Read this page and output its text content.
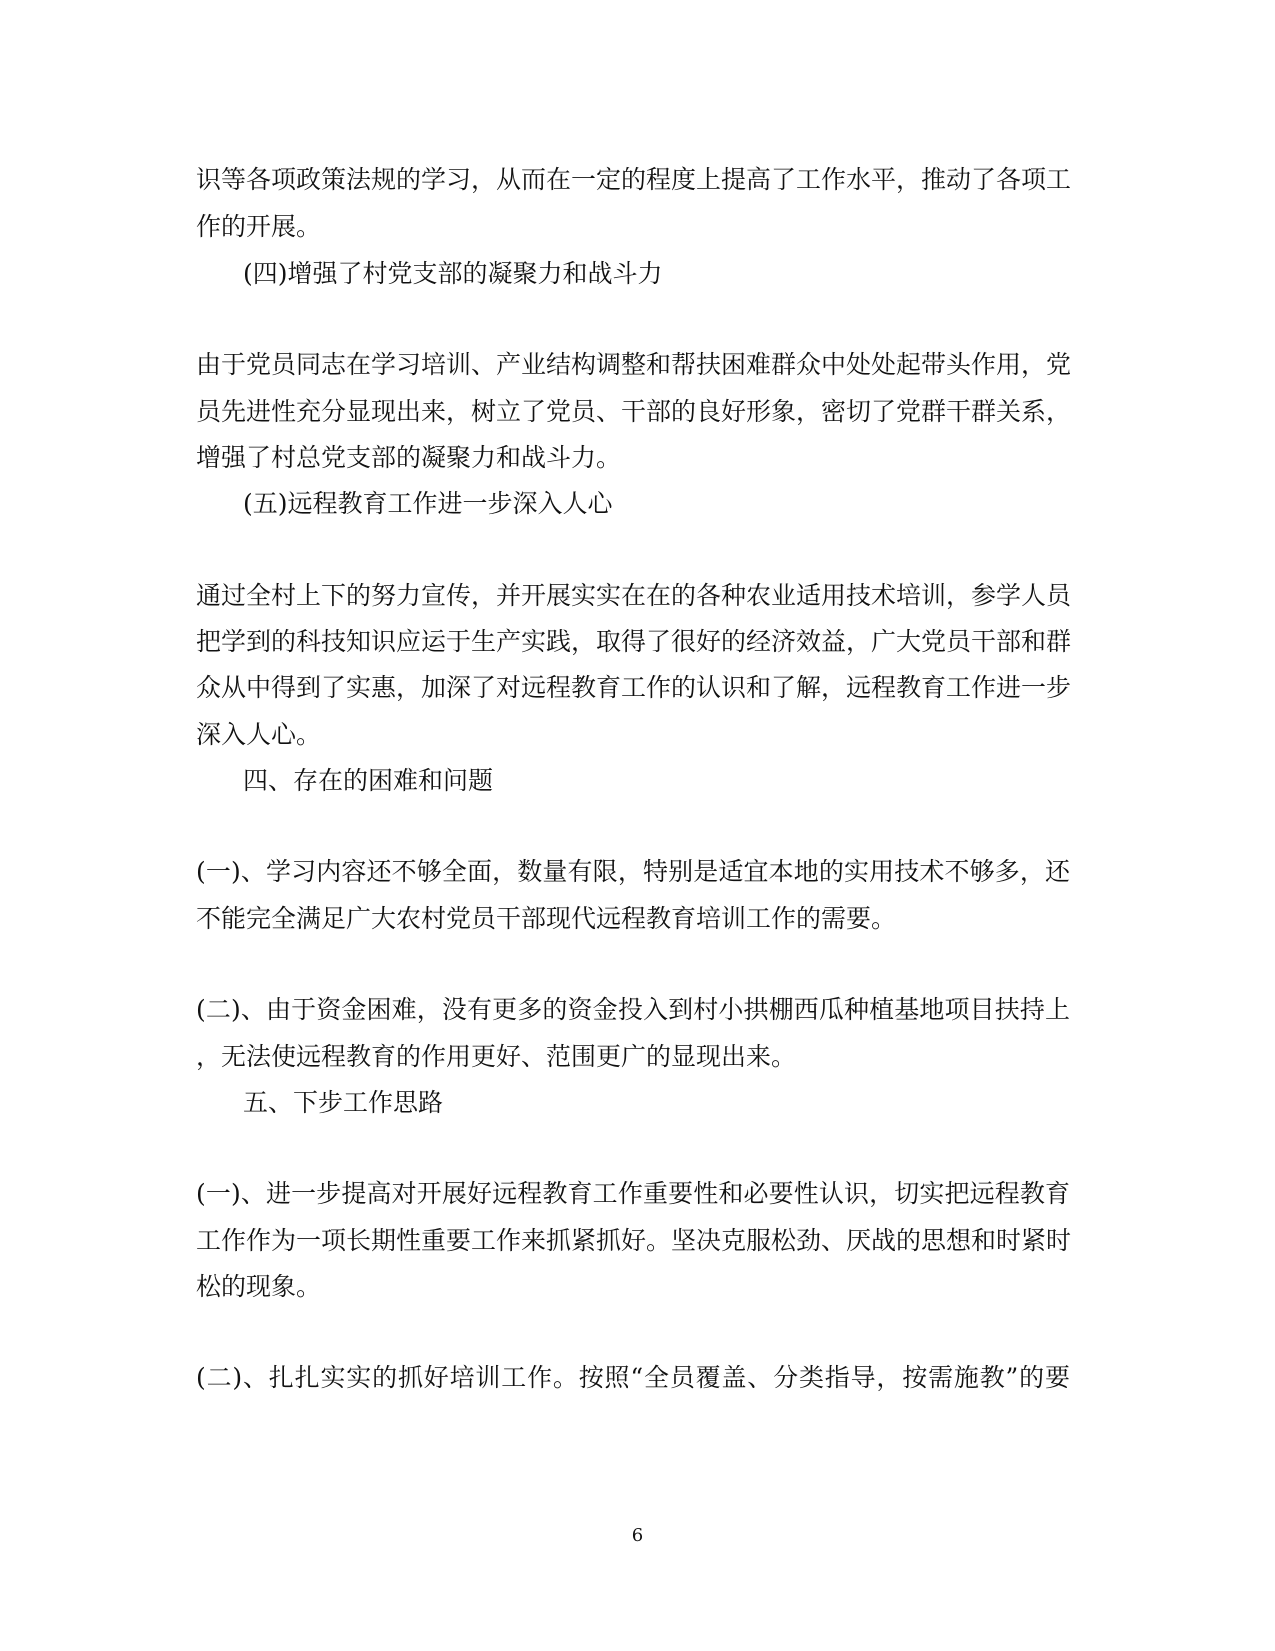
识等各项政策法规的学习，从而在一定的程度上提高了工作水平，推动了各项工
作的开展。
(四)增强了村党支部的凝聚力和战斗力
由于党员同志在学习培训、产业结构调整和帮扶困难群众中处处起带头作用，党
员先进性充分显现出来，树立了党员、干部的良好形象，密切了党群干群关系，
增强了村总党支部的凝聚力和战斗力。
(五)远程教育工作进一步深入人心
通过全村上下的努力宣传，并开展实实在在的各种农业适用技术培训，参学人员
把学到的科技知识应运于生产实践，取得了很好的经济效益，广大党员干部和群
众从中得到了实惠，加深了对远程教育工作的认识和了解，远程教育工作进一步
深入人心。
四、存在的困难和问题
(一)、学习内容还不够全面，数量有限，特别是适宜本地的实用技术不够多，还
不能完全满足广大农村党员干部现代远程教育培训工作的需要。
(二)、由于资金困难，没有更多的资金投入到村小拱棚西瓜种植基地项目扶持上
，无法使远程教育的作用更好、范围更广的显现出来。
五、下步工作思路
(一)、进一步提高对开展好远程教育工作重要性和必要性认识，切实把远程教育
工作作为一项长期性重要工作来抓紧抓好。坚决克服松劲、厌战的思想和时紧时
松的现象。
(二)、扎扎实实的抓好培训工作。按照“全员覆盖、分类指导，按需施教”的要
6
